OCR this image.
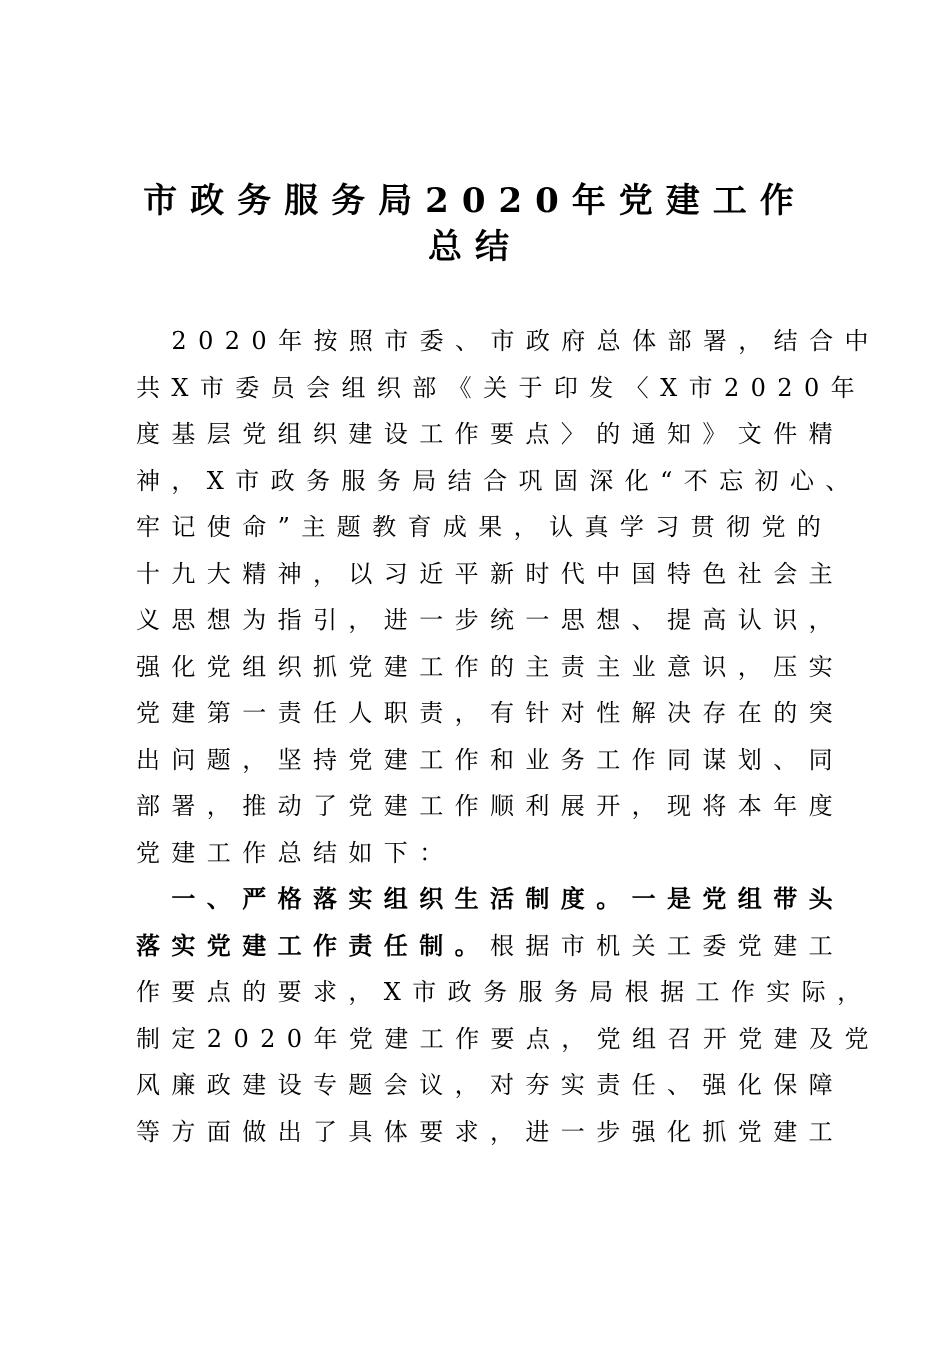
市政务服务局2020年党建工作
总结
　2020年按照市委、市政府总体部署，结合中
共X市委员会组织部《关于印发〈X市2020年
度基层党组织建设工作要点〉的通知》文件精
神，X市政务服务局结合巩固深化“不忘初心、
牢记使命”主题教育成果，认真学习贯彻党的
十九大精神，以习近平新时代中国特色社会主
义思想为指引，进一步统一思想、提高认识，
强化党组织抓党建工作的主责主业意识，压实
党建第一责任人职责，有针对性解决存在的突
出问题，坚持党建工作和业务工作同谋划、同
部署，推动了党建工作顺利展开，现将本年度
党建工作总结如下：
　一、严格落实组织生活制度。一是党组带头
落实党建工作责任制。根据市机关工委党建工
作要点的要求，X市政务服务局根据工作实际，
制定2020年党建工作要点，党组召开党建及党
风廉政建设专题会议，对夯实责任、强化保障
等方面做出了具体要求，进一步强化抓党建工
